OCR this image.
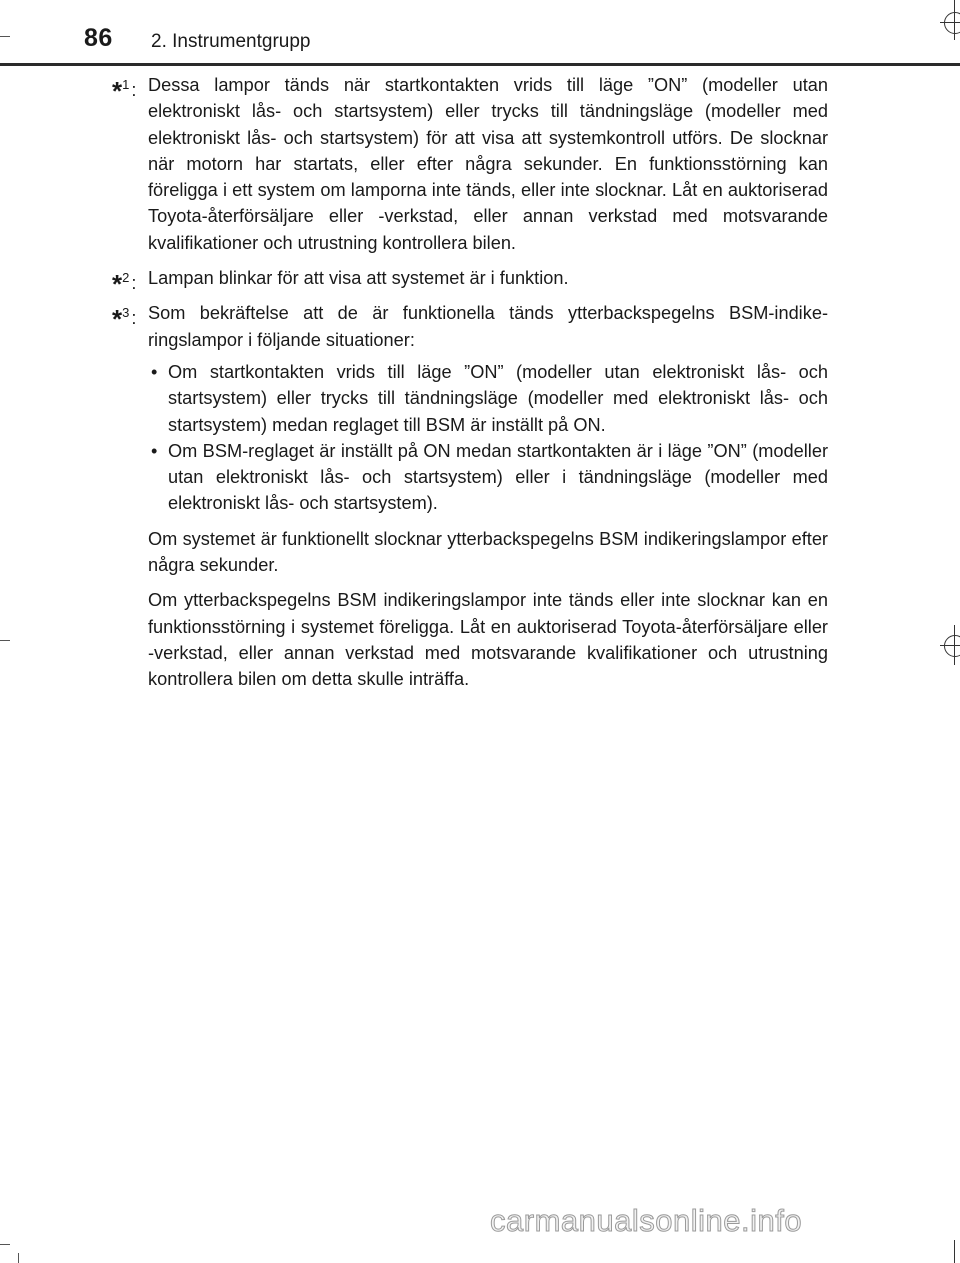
86 2. Instrumentgrupp
*$^1$ : Dessa lampor tänds när startkontakten vrids till läge ”ON” (modeller utan elektroniskt lås- och startsystem) eller trycks till tändningsläge (modeller med elektroniskt lås- och startsystem) för att visa att systemkontroll utförs. De slocknar när motorn har startats, eller efter några sekunder. En funktionsstörning kan föreligga i ett system om lamporna inte tänds, eller inte slocknar. Låt en auktoriserad Toyota-återförsäljare eller -verkstad, eller annan verkstad med motsvarande kvalifikationer och utrustning kontrollera bilen.
*$^2$ : Lampan blinkar för att visa att systemet är i funktion.
*$^3$ : Som bekräftelse att de är funktionella tänds ytterbackspegelns BSM-indikeringslampor i följande situationer:
• Om startkontakten vrids till läge ”ON” (modeller utan elektroniskt lås- och startsystem) eller trycks till tändningsläge (modeller med elektroniskt lås- och startsystem) medan reglaget till BSM är inställt på ON.
• Om BSM-reglaget är inställt på ON medan startkontakten är i läge ”ON” (modeller utan elektroniskt lås- och startsystem) eller i tändningsläge (modeller med elektroniskt lås- och startsystem).

Om systemet är funktionellt slocknar ytterbackspegelns BSM indikeringslampor efter några sekunder.

Om ytterbackspegelns BSM indikeringslampor inte tänds eller inte slocknar kan en funktionsstörning i systemet föreligga. Låt en auktoriserad Toyota-återförsäljare eller -verkstad, eller annan verkstad med motsvarande kvalifikationer och utrustning kontrollera bilen om detta skulle inträffa.

carmanualsonline.info
